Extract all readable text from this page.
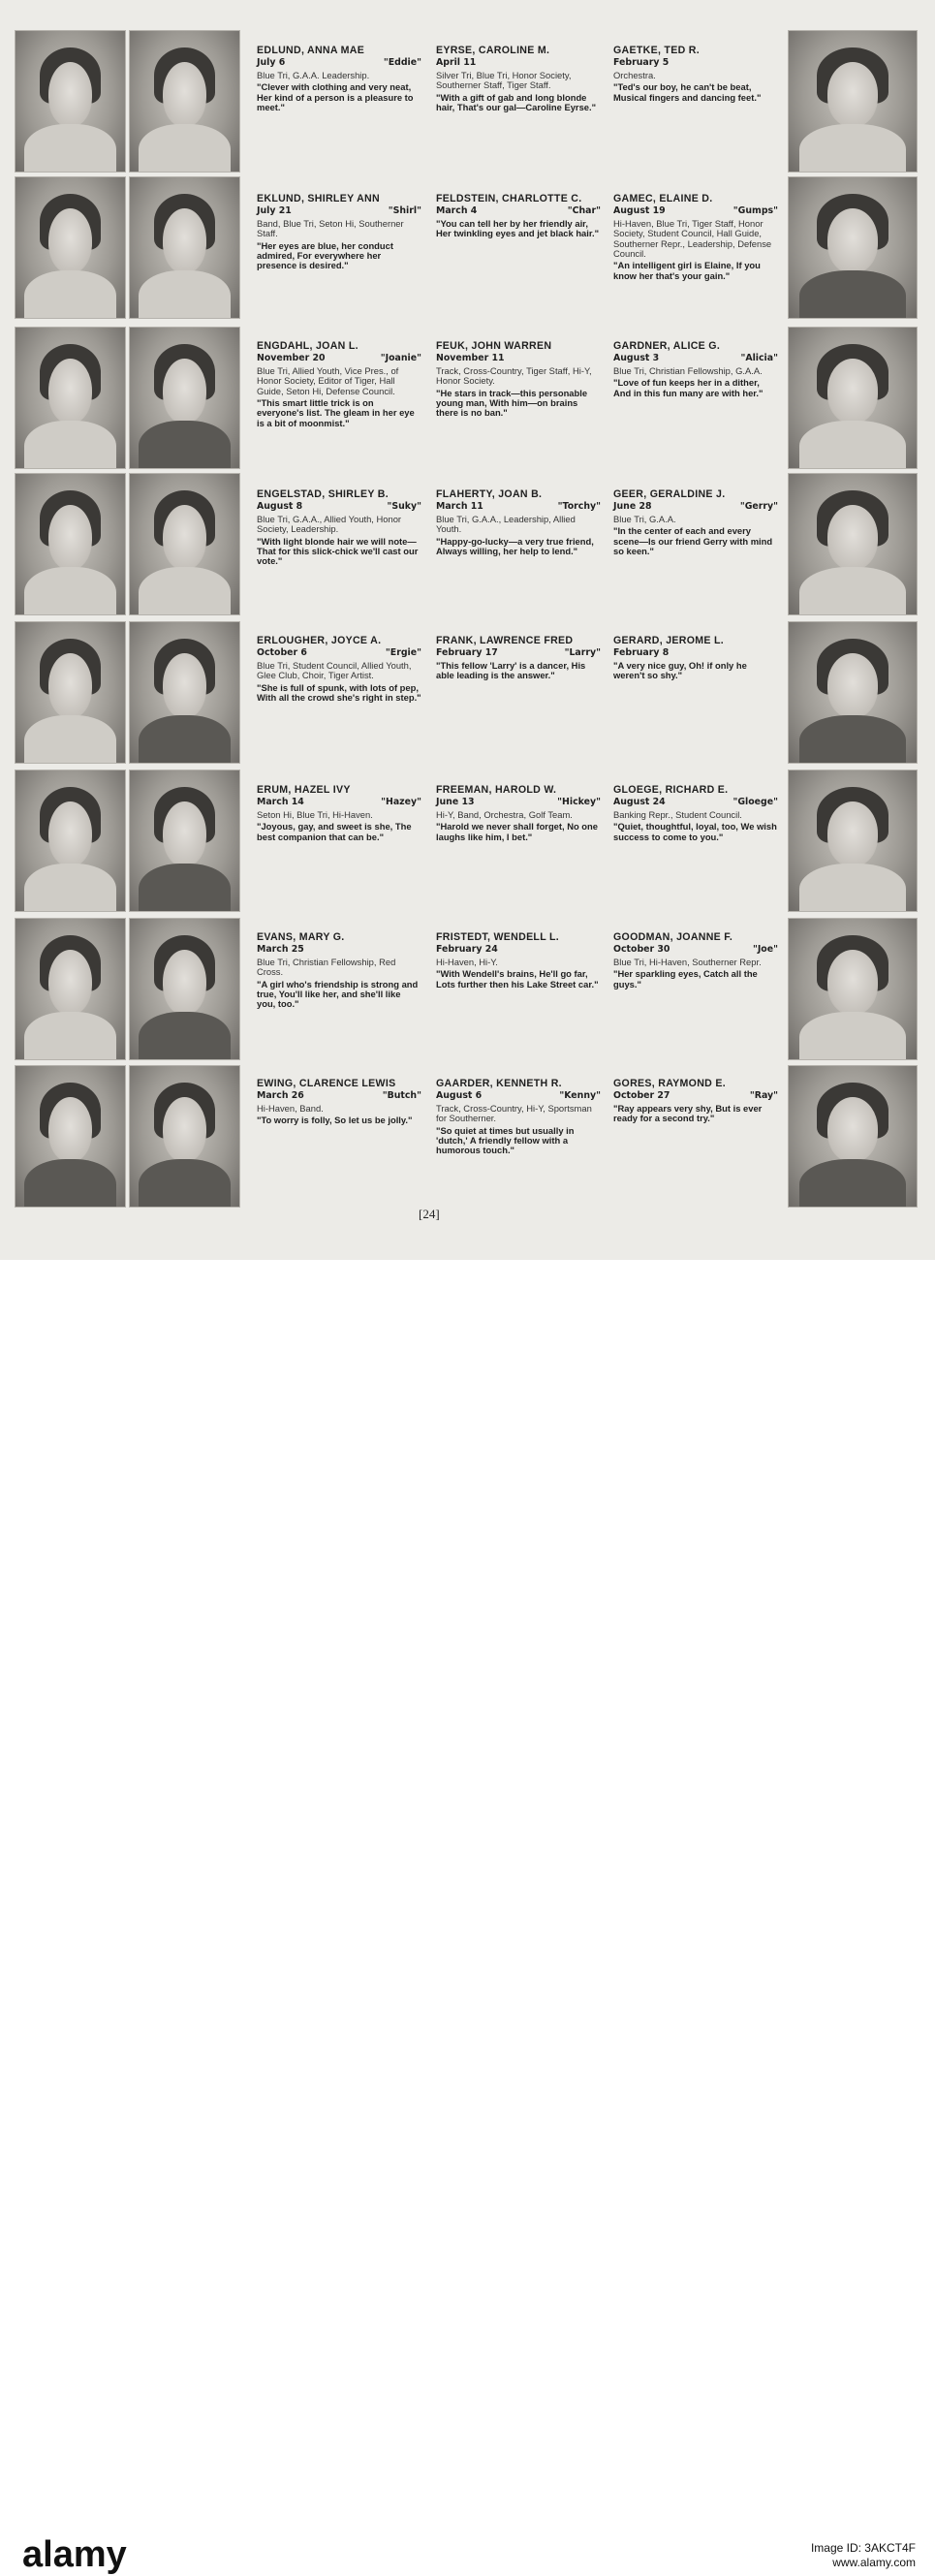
EDLUND, ANNA MAE
July 6	"Eddie"
Blue Tri, G.A.A. Leadership.
"Clever with clothing and very neat, Her kind of a person is a pleasure to meet."
EYRSE, CAROLINE M.
April 11
Silver Tri, Blue Tri, Honor Society, Southerner Staff, Tiger Staff.
"With a gift of gab and long blonde hair, That's our gal—Caroline Eyrse."
GAETKE, TED R.
February 5
Orchestra.
"Ted's our boy, he can't be beat, Musical fingers and dancing feet."
EKLUND, SHIRLEY ANN
July 21	"Shirl"
Band, Blue Tri, Seton Hi, Southerner Staff.
"Her eyes are blue, her conduct admired, For everywhere her presence is desired."
FELDSTEIN, CHARLOTTE C.
March 4	"Char"
"You can tell her by her friendly air, Her twinkling eyes and jet black hair."
GAMEC, ELAINE D.
August 19	"Gumps"
Hi-Haven, Blue Tri, Tiger Staff, Honor Society, Student Council, Hall Guide, Southerner Repr., Leadership, Defense Council.
"An intelligent girl is Elaine, If you know her that's your gain."
ENGDAHL, JOAN L.
November 20	"Joanie"
Blue Tri, Allied Youth, Vice Pres., of Honor Society, Editor of Tiger, Hall Guide, Seton Hi, Defense Council.
"This smart little trick is on everyone's list. The gleam in her eye is a bit of moonmist."
FEUK, JOHN WARREN
November 11
Track, Cross-Country, Tiger Staff, Hi-Y, Honor Society.
"He stars in track—this personable young man, With him—on brains there is no ban."
GARDNER, ALICE G.
August 3	"Alicia"
Blue Tri, Christian Fellowship, G.A.A.
"Love of fun keeps her in a dither, And in this fun many are with her."
ENGELSTAD, SHIRLEY B.
August 8	"Suky"
Blue Tri, G.A.A., Allied Youth, Honor Society, Leadership.
"With light blonde hair we will note—That for this slick-chick we'll cast our vote."
FLAHERTY, JOAN B.
March 11	"Torchy"
Blue Tri, G.A.A., Leadership, Allied Youth.
"Happy-go-lucky—a very true friend, Always willing, her help to lend."
GEER, GERALDINE J.
June 28	"Gerry"
Blue Tri, G.A.A.
"In the center of each and every scene—Is our friend Gerry with mind so keen."
ERLOUGHER, JOYCE A.
October 6	"Ergie"
Blue Tri, Student Council, Allied Youth, Glee Club, Choir, Tiger Artist.
"She is full of spunk, with lots of pep, With all the crowd she's right in step."
FRANK, LAWRENCE FRED
February 17	"Larry"
"This fellow 'Larry' is a dancer, His able leading is the answer."
GERARD, JEROME L.
February 8
"A very nice guy, Oh! if only he weren't so shy."
ERUM, HAZEL IVY
March 14	"Hazey"
Seton Hi, Blue Tri, Hi-Haven.
"Joyous, gay, and sweet is she, The best companion that can be."
FREEMAN, HAROLD W.
June 13	"Hickey"
Hi-Y, Band, Orchestra, Golf Team.
"Harold we never shall forget, No one laughs like him, I bet."
GLOEGE, RICHARD E.
August 24	"Gloege"
Banking Repr., Student Council.
"Quiet, thoughtful, loyal, too, We wish success to come to you."
EVANS, MARY G.
March 25
Blue Tri, Christian Fellowship, Red Cross.
"A girl who's friendship is strong and true, You'll like her, and she'll like you, too."
FRISTEDT, WENDELL L.
February 24
Hi-Haven, Hi-Y.
"With Wendell's brains, He'll go far, Lots further then his Lake Street car."
GOODMAN, JOANNE F.
October 30	"Joe"
Blue Tri, Hi-Haven, Southerner Repr.
"Her sparkling eyes, Catch all the guys."
EWING, CLARENCE LEWIS
March 26	"Butch"
Hi-Haven, Band.
"To worry is folly, So let us be jolly."
GAARDER, KENNETH R.
August 6	"Kenny"
Track, Cross-Country, Hi-Y, Sportsman for Southerner.
"So quiet at times but usually in 'dutch,' A friendly fellow with a humorous touch."
GORES, RAYMOND E.
October 27	"Ray"
"Ray appears very shy, But is ever ready for a second try."
[24]
alamy	Image ID: 3AKCT4F
www.alamy.com
